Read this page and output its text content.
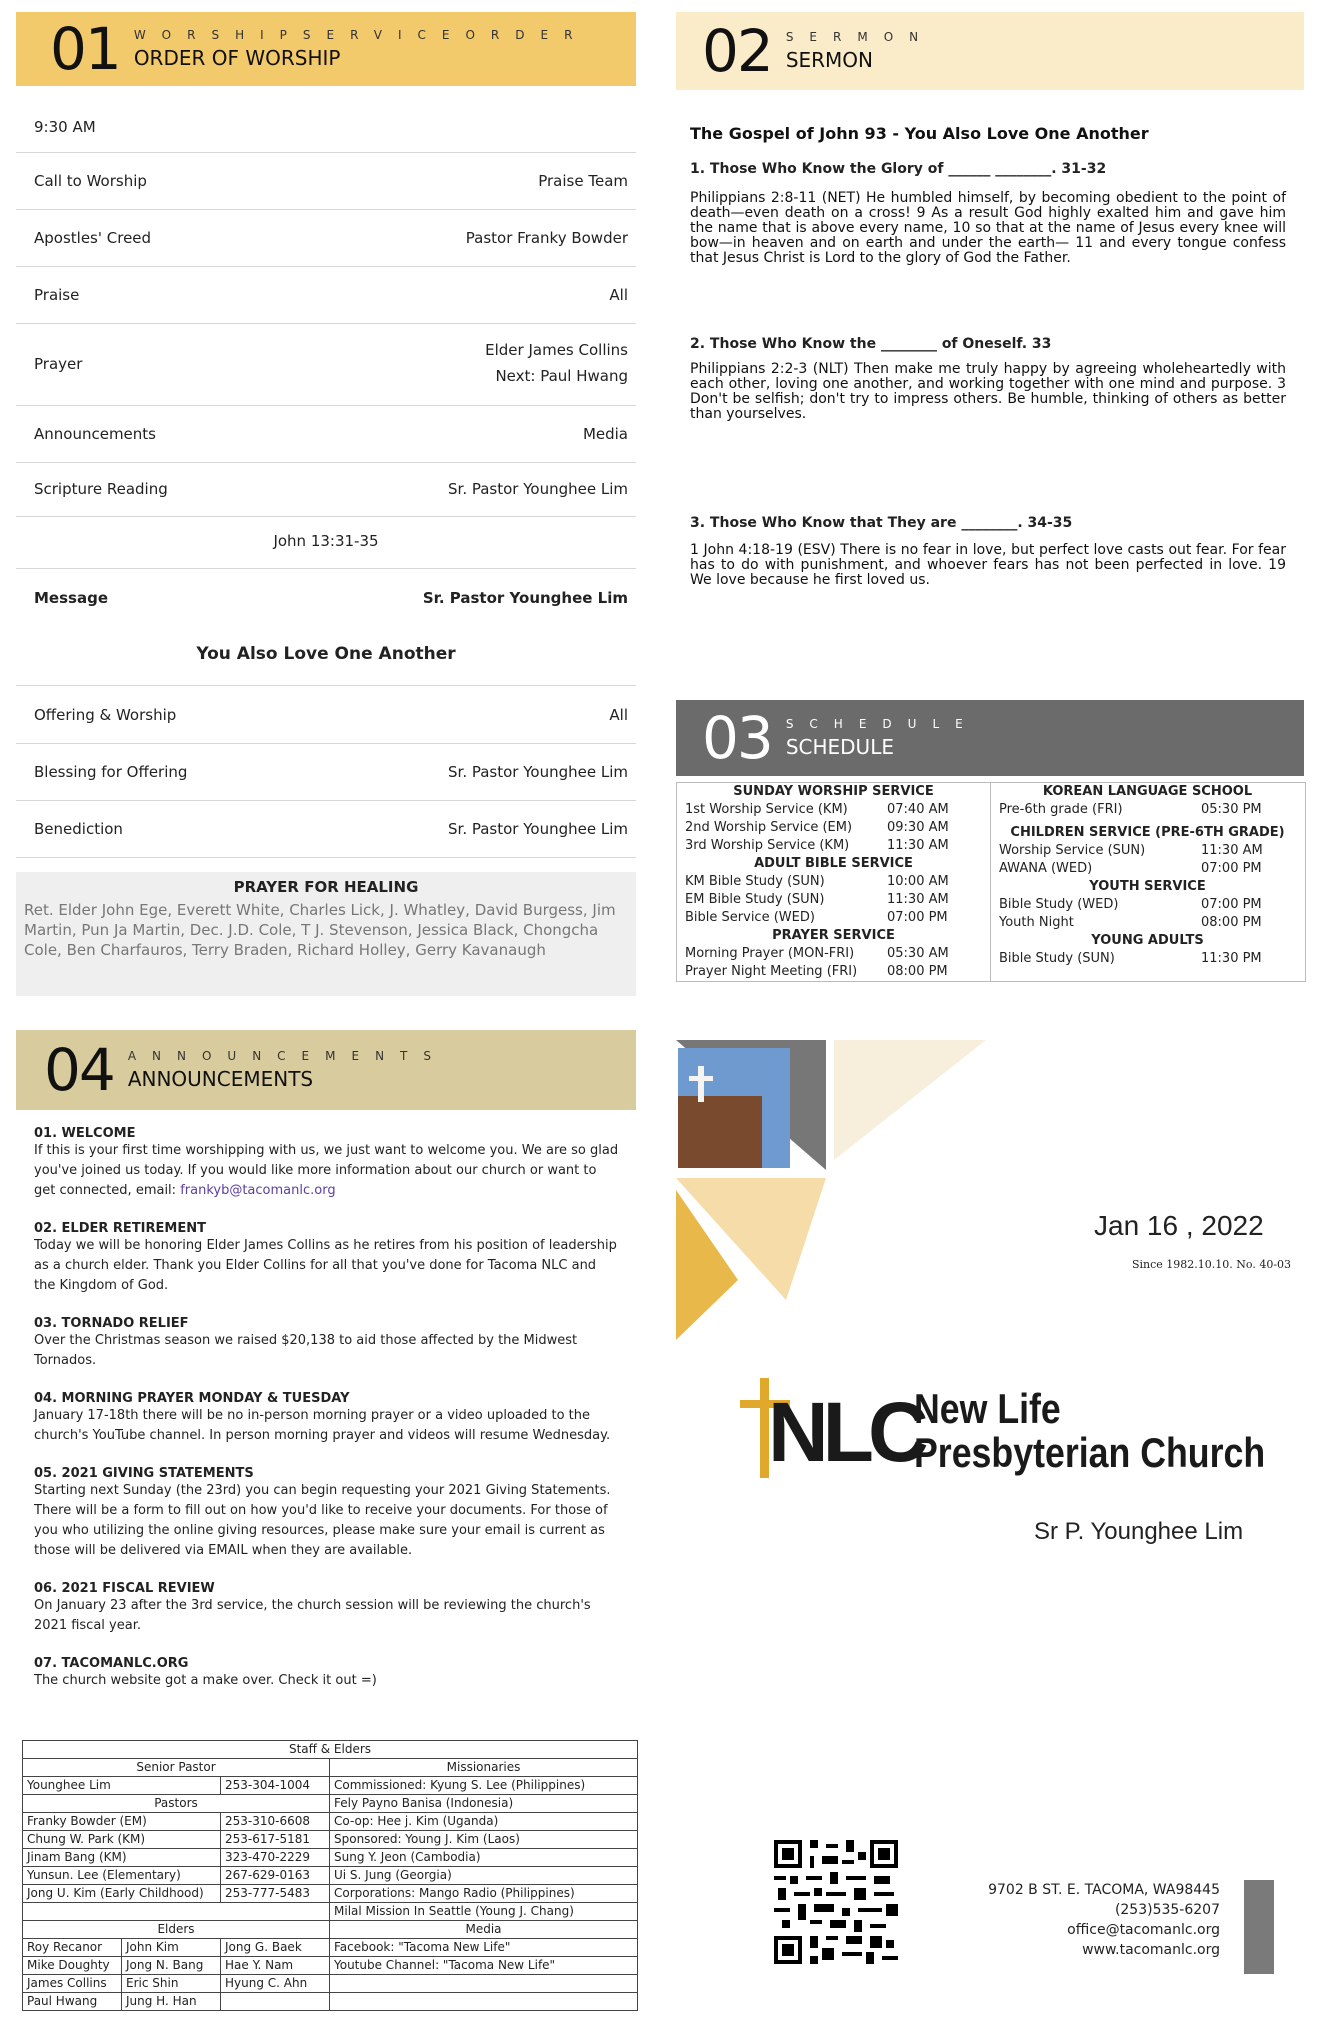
01 WORSHIPSERVICEORDER
ORDER OF WORSHIP
9:30 AM
Call to Worship	Praise Team
Apostles' Creed	Pastor Franky Bowder
Praise	All
Prayer
Elder James Collins
Next: Paul Hwang
Announcements	Media
Scripture Reading	Sr. Pastor Younghee Lim
John 13:31-35
Message	Sr. Pastor Younghee Lim
You Also Love One Another
Offering & Worship	All
Blessing for Offering	Sr. Pastor Younghee Lim
Benediction	Sr. Pastor Younghee Lim
PRAYER FOR HEALING
Ret. Elder John Ege, Everett White, Charles Lick, J. Whatley, David Burgess, Jim Martin, Pun Ja Martin, Dec. J.D. Cole, T J. Stevenson, Jessica Black, Chongcha Cole, Ben Charfauros, Terry Braden, Richard Holley, Gerry Kavanaugh
02 SERMON
SERMON
The Gospel of John 93 - You Also Love One Another
1. Those Who Know the Glory of ______ ________. 31-32
Philippians 2:8-11 (NET) He humbled himself, by becoming obedient to the point of death—even death on a cross! 9 As a result God highly exalted him and gave him the name that is above every name, 10 so that at the name of Jesus every knee will bow—in heaven and on earth and under the earth— 11 and every tongue confess that Jesus Christ is Lord to the glory of God the Father.
2. Those Who Know the ________ of Oneself. 33
Philippians 2:2-3 (NLT) Then make me truly happy by agreeing wholeheartedly with each other, loving one another, and working together with one mind and purpose. 3 Don't be selfish; don't try to impress others. Be humble, thinking of others as better than yourselves.
3. Those Who Know that They are ________. 34-35
1 John 4:18-19 (ESV) There is no fear in love, but perfect love casts out fear. For fear has to do with punishment, and whoever fears has not been perfected in love. 19 We love because he first loved us.
03 SCHEDULE
SCHEDULE
SUNDAY WORSHIP SERVICE
1st Worship Service (KM)	07:40 AM
2nd Worship Service (EM)	09:30 AM
3rd Worship Service (KM)	11:30 AM
ADULT BIBLE SERVICE
KM Bible Study (SUN)	10:00 AM
EM Bible Study (SUN)	11:30 AM
Bible Service (WED)	07:00 PM
PRAYER SERVICE
Morning Prayer (MON-FRI)	05:30 AM
Prayer Night Meeting (FRI) 08:00 PM
KOREAN LANGUAGE SCHOOL
Pre-6th grade (FRI)	05:30 PM
CHILDREN SERVICE (PRE-6TH GRADE)
Worship Service (SUN)	11:30 AM
AWANA (WED)	07:00 PM
YOUTH SERVICE
Bible Study (WED)	07:00 PM
Youth Night	08:00 PM
YOUNG ADULTS
Bible Study (SUN)	11:30 PM
04 ANNOUNCEMENTS
ANNOUNCEMENTS
01. WELCOME
If this is your first time worshipping with us, we just want to welcome you. We are so glad you've joined us today. If you would like more information about our church or want to get connected, email: frankyb@tacomanlc.org
02. ELDER RETIREMENT
Today we will be honoring Elder James Collins as he retires from his position of leadership as a church elder. Thank you Elder Collins for all that you've done for Tacoma NLC and the Kingdom of God.
03. TORNADO RELIEF
Over the Christmas season we raised $20,138 to aid those affected by the Midwest Tornados.
04. MORNING PRAYER MONDAY & TUESDAY
January 17-18th there will be no in-person morning prayer or a video uploaded to the church's YouTube channel. In person morning prayer and videos will resume Wednesday.
05. 2021 GIVING STATEMENTS
Starting next Sunday (the 23rd) you can begin requesting your 2021 Giving Statements. There will be a form to fill out on how you'd like to receive your documents. For those of you who utilizing the online giving resources, please make sure your email is current as those will be delivered via EMAIL when they are available.
06. 2021 FISCAL REVIEW
On January 23 after the 3rd service, the church session will be reviewing the church's 2021 fiscal year.
07. TACOMANLC.ORG
The church website got a make over. Check it out =)
Staff & Elders			
Senior Pastor			Missionaries
Younghee Lim		253-304-1004	Commissioned: Kyung S. Lee (Philippines)
Pastors			Fely Payno Banisa (Indonesia)
Franky Bowder (EM)		253-310-6608	Co-op: Hee j. Kim (Uganda)
Chung W. Park (KM)		253-617-5181	Sponsored: Young J. Kim (Laos)
Jinam Bang (KM)		323-470-2229	Sung Y. Jeon (Cambodia)
Yunsun. Lee (Elementary)		267-629-0163	Ui S. Jung (Georgia)
Jong U. Kim (Early Childhood)		253-777-5483	Corporations: Mango Radio (Philippines)
			Milal Mission In Seattle (Young J. Chang)
Elders			Media
Roy Recanor	John Kim	Jong G. Baek	Facebook: "Tacoma New Life"
Mike Doughty	Jong N. Bang	Hae Y. Nam	Youtube Channel: "Tacoma New Life"
James Collins	Eric Shin	Hyung C. Ahn	
Paul Hwang	Jung H. Han		
Jan 16 , 2022
Since 1982.10.10. No. 40-03
NLC
New Life
Presbyterian Church
Sr P. Younghee Lim
9702 B ST. E. TACOMA, WA98445
(253)535-6207
office@tacomanlc.org
www.tacomanlc.org
